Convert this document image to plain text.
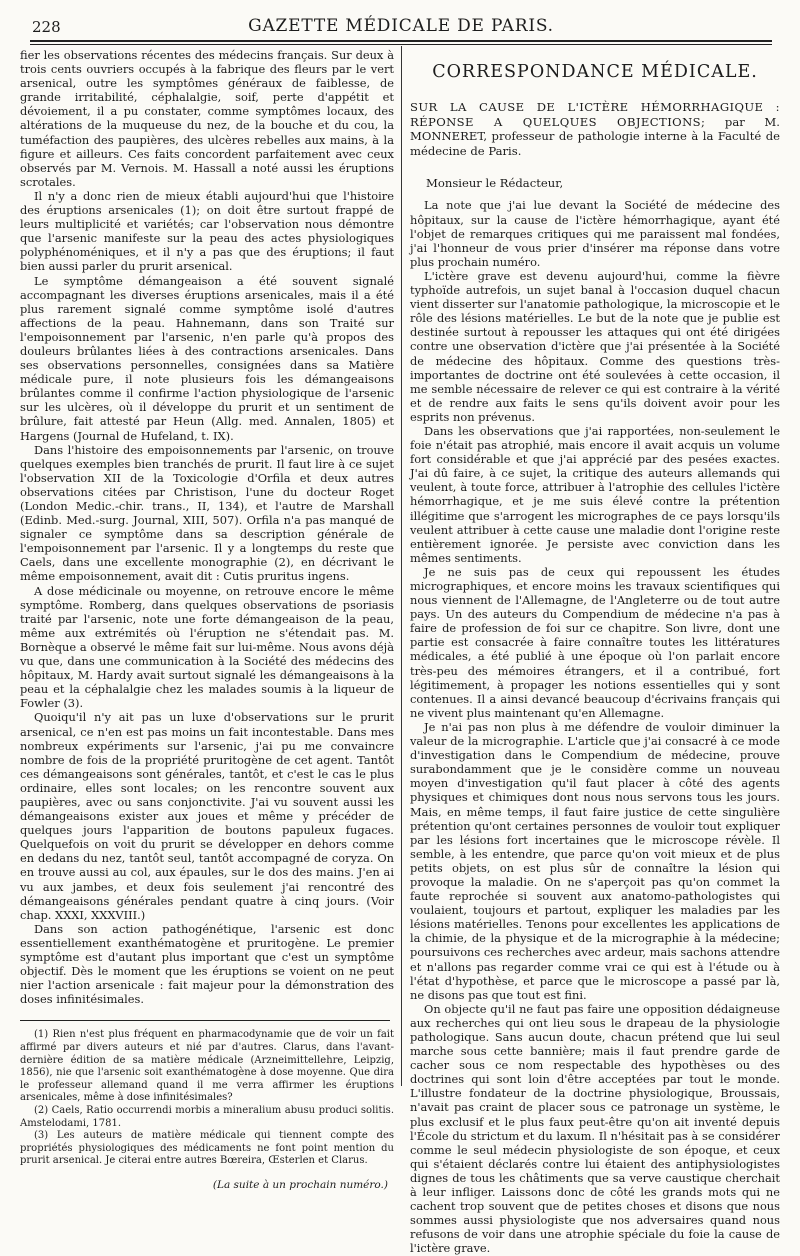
228	GAZETTE MÉDICALE DE PARIS.

fier les observations récentes des médecins français. Sur deux à trois cents ouvriers occupés à la fabrique des fleurs par le vert arsenical, outre les symptômes généraux de faiblesse, de grande irritabilité, céphalalgie, soif, perte d'appétit et dévoiement, il a pu constater, comme symptômes locaux, des altérations de la muqueuse du nez, de la bouche et du cou, la tuméfaction des paupières, des ulcères rebelles aux mains, à la figure et ailleurs. Ces faits concordent parfaitement avec ceux observés par M. Vernois. M. Hassall a noté aussi les éruptions scrotales.

Il n'y a donc rien de mieux établi aujourd'hui que l'histoire des éruptions arsenicales (1); on doit être surtout frappé de leurs multiplicité et variétés; car l'observation nous démontre que l'arsenic manifeste sur la peau des actes physiologiques polyphénoméniques, et il n'y a pas que des éruptions; il faut bien aussi parler du prurit arsenical.

Le symptôme démangeaison a été souvent signalé accompagnant les diverses éruptions arsenicales, mais il a été plus rarement signalé comme symptôme isolé d'autres affections de la peau. Hahnemann, dans son Traité sur l'empoisonnement par l'arsenic, n'en parle qu'à propos des douleurs brûlantes liées à des contractions arsenicales. Dans ses observations personnelles, consignées dans sa Matière médicale pure, il note plusieurs fois les démangeaisons brûlantes comme il confirme l'action physiologique de l'arsenic sur les ulcères, où il développe du prurit et un sentiment de brûlure, fait attesté par Heun (Allg. med. Annalen, 1805) et Hargens (Journal de Hufeland, t. IX).

Dans l'histoire des empoisonnements par l'arsenic, on trouve quelques exemples bien tranchés de prurit. Il faut lire à ce sujet l'observation XII de la Toxicologie d'Orfila et deux autres observations citées par Christison, l'une du docteur Roget (London Medic.-chir. trans., II, 134), et l'autre de Marshall (Edinb. Med.-surg. Journal, XIII, 507). Orfila n'a pas manqué de signaler ce symptôme dans sa description générale de l'empoisonnement par l'arsenic. Il y a longtemps du reste que Caels, dans une excellente monographie (2), en décrivant le même empoisonnement, avait dit : Cutis pruritus ingens.

A dose médicinale ou moyenne, on retrouve encore le même symptôme. Romberg, dans quelques observations de psoriasis traité par l'arsenic, note une forte démangeaison de la peau, même aux extrémités où l'éruption ne s'étendait pas. M. Bornèque a observé le même fait sur lui-même. Nous avons déjà vu que, dans une communication à la Société des médecins des hôpitaux, M. Hardy avait surtout signalé les démangeaisons à la peau et la céphalalgie chez les malades soumis à la liqueur de Fowler (3).

Quoiqu'il n'y ait pas un luxe d'observations sur le prurit arsenical, ce n'en est pas moins un fait incontestable. Dans mes nombreux expériments sur l'arsenic, j'ai pu me convaincre nombre de fois de la propriété pruritogène de cet agent. Tantôt ces démangeaisons sont générales, tantôt, et c'est le cas le plus ordinaire, elles sont locales; on les rencontre souvent aux paupières, avec ou sans conjonctivite. J'ai vu souvent aussi les démangeaisons exister aux joues et même y précéder de quelques jours l'apparition de boutons papuleux fugaces. Quelquefois on voit du prurit se développer en dehors comme en dedans du nez, tantôt seul, tantôt accompagné de coryza. On en trouve aussi au col, aux épaules, sur le dos des mains. J'en ai vu aux jambes, et deux fois seulement j'ai rencontré des démangeaisons générales pendant quatre à cinq jours. (Voir chap. XXXI, XXXVIII.)

Dans son action pathogénétique, l'arsenic est donc essentiellement exanthématogène et pruritogène. Le premier symptôme est d'autant plus important que c'est un symptôme objectif. Dès le moment que les éruptions se voient on ne peut nier l'action arsenicale : fait majeur pour la démonstration des doses infinitésimales.

(1) Rien n'est plus fréquent en pharmacodynamie que de voir un fait affirmé par divers auteurs et nié par d'autres. Clarus, dans l'avant-dernière édition de sa matière médicale (Arzneimittellehre, Leipzig, 1856), nie que l'arsenic soit exanthématogène à dose moyenne. Que dira le professeur allemand quand il me verra affirmer les éruptions arsenicales, même à dose infinitésimales?

(2) Caels, Ratio occurrendi morbis a mineralium abusu produci solitis. Amstelodami, 1781.

(3) Les auteurs de matière médicale qui tiennent compte des propriétés physiologiques des médicaments ne font point mention du prurit arsenical. Je citerai entre autres Bœreira, Œsterlen et Clarus.

(La suite à un prochain numéro.)
CORRESPONDANCE MÉDICALE.
SUR LA CAUSE DE L'ICTÈRE HÉMORRHAGIQUE : RÉPONSE A QUELQUES OBJECTIONS; par M. MONNERET, professeur de pathologie interne à la Faculté de médecine de Paris.
Monsieur le Rédacteur,

La note que j'ai lue devant la Société de médecine des hôpitaux, sur la cause de l'ictère hémorrhagique, ayant été l'objet de remarques critiques qui me paraissent mal fondées, j'ai l'honneur de vous prier d'insérer ma réponse dans votre plus prochain numéro.

L'ictère grave est devenu aujourd'hui, comme la fièvre typhoïde autrefois, un sujet banal à l'occasion duquel chacun vient disserter sur l'anatomie pathologique, la microscopie et le rôle des lésions matérielles. Le but de la note que je publie est destinée surtout à repousser les attaques qui ont été dirigées contre une observation d'ictère que j'ai présentée à la Société de médecine des hôpitaux. Comme des questions très-importantes de doctrine ont été soulevées à cette occasion, il me semble nécessaire de relever ce qui est contraire à la vérité et de rendre aux faits le sens qu'ils doivent avoir pour les esprits non prévenus.

Dans les observations que j'ai rapportées, non-seulement le foie n'était pas atrophié, mais encore il avait acquis un volume fort considérable et que j'ai apprécié par des pesées exactes. J'ai dû faire, à ce sujet, la critique des auteurs allemands qui veulent, à toute force, attribuer à l'atrophie des cellules l'ictère hémorrhagique, et je me suis élevé contre la prétention illégitime que s'arrogent les micrographes de ce pays lorsqu'ils veulent attribuer à cette cause une maladie dont l'origine reste entièrement ignorée. Je persiste avec conviction dans les mêmes sentiments.

Je ne suis pas de ceux qui repoussent les études micrographiques, et encore moins les travaux scientifiques qui nous viennent de l'Allemagne, de l'Angleterre ou de tout autre pays. Un des auteurs du Compendium de médecine n'a pas à faire de profession de foi sur ce chapitre. Son livre, dont une partie est consacrée à faire connaître toutes les littératures médicales, a été publié à une époque où l'on parlait encore très-peu des mémoires étrangers, et il a contribué, fort légitimement, à propager les notions essentielles qui y sont contenues. Il a ainsi devancé beaucoup d'écrivains français qui ne vivent plus maintenant qu'en Allemagne.

Je n'ai pas non plus à me défendre de vouloir diminuer la valeur de la micrographie. L'article que j'ai consacré à ce mode d'investigation dans le Compendium de médecine, prouve surabondamment que je le considère comme un nouveau moyen d'investigation qu'il faut placer à côté des agents physiques et chimiques dont nous nous servons tous les jours. Mais, en même temps, il faut faire justice de cette singulière prétention qu'ont certaines personnes de vouloir tout expliquer par les lésions fort incertaines que le microscope révèle. Il semble, à les entendre, que parce qu'on voit mieux et de plus petits objets, on est plus sûr de connaître la lésion qui provoque la maladie. On ne s'aperçoit pas qu'on commet la faute reprochée si souvent aux anatomo-pathologistes qui voulaient, toujours et partout, expliquer les maladies par les lésions matérielles. Tenons pour excellentes les applications de la chimie, de la physique et de la micrographie à la médecine; poursuivons ces recherches avec ardeur, mais sachons attendre et n'allons pas regarder comme vrai ce qui est à l'étude ou à l'état d'hypothèse, et parce que le microscope a passé par là, ne disons pas que tout est fini.

On objecte qu'il ne faut pas faire une opposition dédaigneuse aux recherches qui ont lieu sous le drapeau de la physiologie pathologique. Sans aucun doute, chacun prétend que lui seul marche sous cette bannière; mais il faut prendre garde de cacher sous ce nom respectable des hypothèses ou des doctrines qui sont loin d'être acceptées par tout le monde. L'illustre fondateur de la doctrine physiologique, Broussais, n'avait pas craint de placer sous ce patronage un système, le plus exclusif et le plus faux peut-être qu'on ait inventé depuis l'École du strictum et du laxum. Il n'hésitait pas à se considérer comme le seul médecin physiologiste de son époque, et ceux qui s'étaient déclarés contre lui étaient des antiphysiologistes dignes de tous les châtiments que sa verve caustique cherchait à leur infliger. Laissons donc de côté les grands mots qui ne cachent trop souvent que de petites choses et disons que nous sommes aussi physiologiste que nos adversaires quand nous refusons de voir dans une atrophie spéciale du foie la cause de l'ictère grave.
